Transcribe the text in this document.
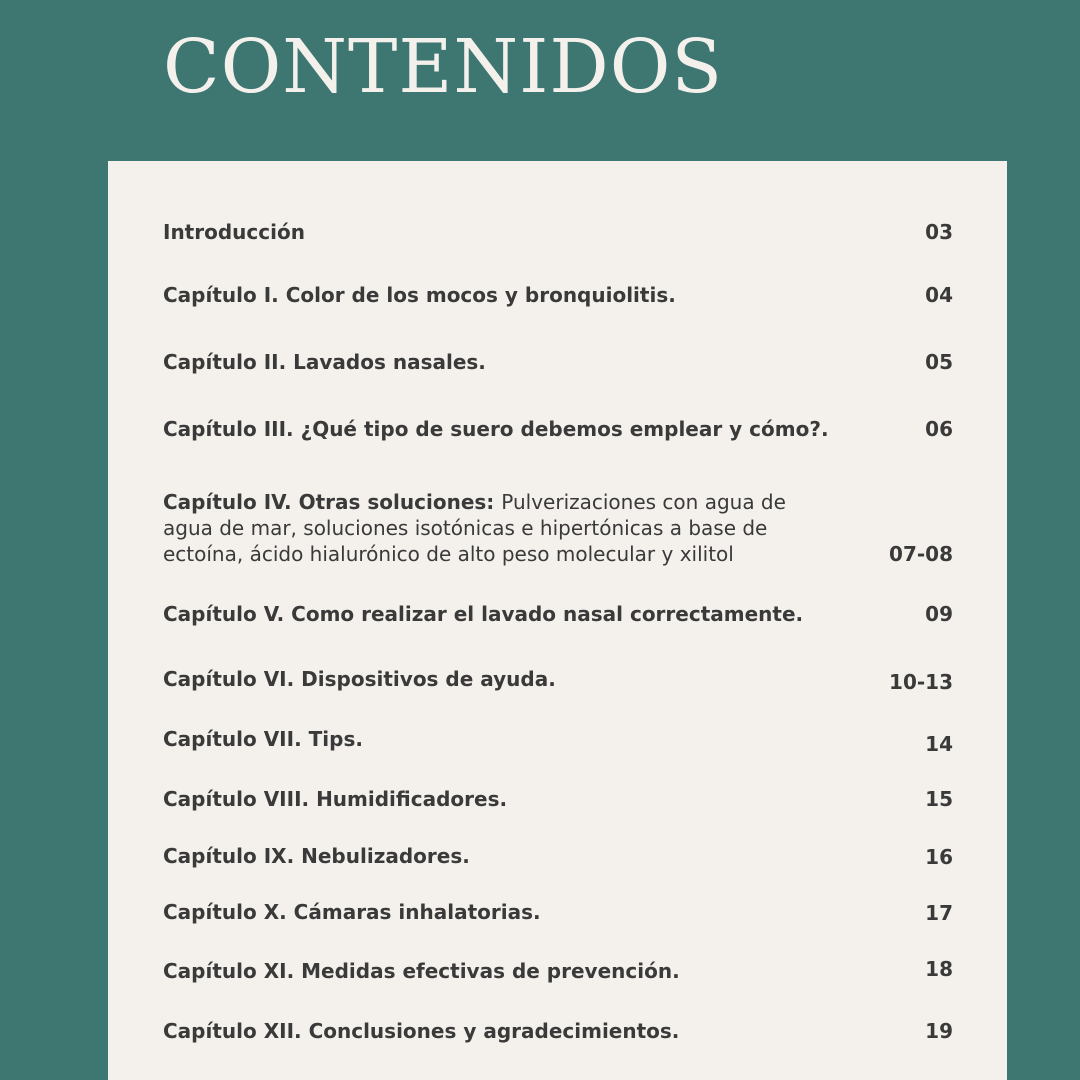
CONTENIDOS
Introducción	03
Capítulo I. Color de los mocos y bronquiolitis.	04
Capítulo II. Lavados nasales.	05
Capítulo III. ¿Qué tipo de suero debemos emplear y cómo?.	06
Capítulo IV. Otras soluciones: Pulverizaciones con agua de agua de mar, soluciones isotónicas e hipertónicas a base de ectoína, ácido hialurónico de alto peso molecular y xilitol	07-08
Capítulo V. Como realizar el lavado nasal correctamente.	09
Capítulo VI. Dispositivos de ayuda.	10-13
Capítulo VII. Tips.	14
Capítulo VIII. Humidificadores.	15
Capítulo IX. Nebulizadores.	16
Capítulo X. Cámaras inhalatorias.	17
Capítulo XI. Medidas efectivas de prevención.	18
Capítulo XII. Conclusiones y agradecimientos.	19
